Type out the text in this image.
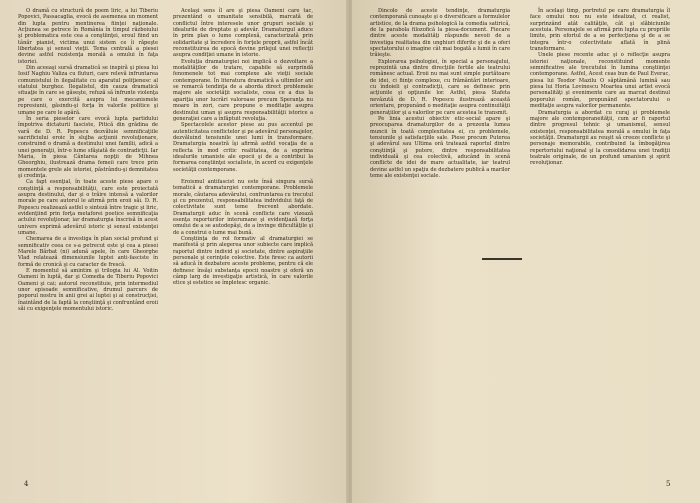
O dramă cu structură de poem liric, a lui Tiberiu Popovici, Passacaglia, evocă de asemenea un moment din lupta pentru mentinerea fiinţei naţionale. Acţiunea se petrece în România în timpul războiului şi problematica este cea a conştiinţei, eroul fiind un tânăr pianist, victima unui sistem ce îi răpeşte libertatea şi sensul vieţii. Tema centrală a piesei devine astfel rezistenţa morală a omului în faţa istoriei.

Din aceeaşi sursă dramatică se inspiră şi piesa lui Iosif Naghiu Valiza cu fluturi, care relevă infruntarea comunistului în ilegalitate cu aparatul poliţienesc al statului burghez. Ilegalistul, din cauza dramatică situaţie în care se găseşte, refuză să înfrunte violenţa pe care o exercită asupra lui mecanismele represiunii, găsindu-şi forţa în valorile politice şi umane pe care le apără.

În seria pieselor care evocă lupta partidului împotriva dictaturii fasciste, Pitică din grădina de vară de D. R. Popescu dezvăluie semnificaţiile sacrificiului eroic în slujba acţiunii revoluţionare, construind o dramă a destinului unei familii, adică a unei generaţii, într-o lume sfâşiată de contradicţii. Iar Maria, în piesa Cântarea nopţii de Mihnea Gheorghiu, ilustrează drama femeii care trece prin momentele grele ale istoriei, păstrându-şi demnitatea şi credinţa.

Ca fapt esenţial, în toate aceste piese apare o conştiinţă a responsabilităţii, care este proiectată asupra destinului, dar şi o trăire intensă a valorilor morale pe care autorul le afirmă prin eroii săi. D. R. Popescu realizează astfel o sinteză între tragic şi liric, evidenţiind prin forţa metaforei poetice semnificaţia actului revoluţionar, iar dramaturgia înscrisă în acest univers exprimă adevărul istoric şi sensul existenţei umane.

Chemarea de a investiga în plan social profund şi semnificativ ceea ce s-a petrecut este şi cea a piesei Marele Bărbat (ni) adună apele, în care Gheorghe Vlad relatează dimensiunile luptei anti-fasciste în formă de cronică şi cu caracter de frescă.

E momentul să amintim şi trilogia lui Al. Voitin Oameni în luptă, dar şi Comedia de Tiberiu Popovici Oameni şi cai; autorul reconstituie, prin intermediul unor episoade semnificative, drumul parcurs de poporul nostru în anii grei ai luptei şi ai construcţiei, înaintând de la faptă la conştiinţă şi confruntând eroii săi cu exigenţele momentului istoric.

Acelaşi sens îl are şi piesa Oameni care tac, prezentând o umanitate sensibilă, marcată de conflictul între interesele unor grupuri sociale şi idealurile de dreptate şi adevăr. Dramaturgul aduce în prim plan o lume complexă, caracterizată prin solidaritate şi încredere în forţele proprii, astfel încât reconstituirea de epocă devine prilejul unei reflecţii asupra condiţiei umane în istorie.

Evoluţia dramaturgiei noi implică o dezvoltare a modalităţilor de tratare, capabile să surprindă fenomenele tot mai complexe ale vieţii sociale contemporane. În literatura dramatică a ultimilor ani se remarcă tendinţa de a aborda direct problemele majore ale societăţii socialiste, ceea ce a dus la apariţia unor lucrări valoroase precum Speranţa nu moare în zori, care propune o meditaţie asupra destinului uman şi asupra responsabilităţii istorice a generaţiei care a înfăptuit revoluţia.

Spectacolele acestor piese au pus accentul pe autenticitatea conflictelor şi pe adevărul personajelor, dezvăluind tensiunile unei lumi în transformare. Dramaturgia noastră îşi afirmă astfel vocaţia de a reflecta în mod critic realitatea, de a exprima idealurile umaniste ale epocii şi de a contribui la formarea conştiinţei socialiste, în acord cu exigenţele societăţii contemporane.

Eroismul antifascist nu este însă singura sursă tematică a dramaturgiei contemporane. Problemele morale, căutarea adevărului, confruntarea cu trecutul şi cu prezentul, responsabilitatea individului faţă de colectivitate sunt teme frecvent abordate. Dramaturgii aduc în scenă conflicte care vizează esenţa raporturilor interumane şi evidenţiază forţa omului de a se autodepăşi, de a învinge dificultăţile şi de a construi o lume mai bună.

Conştiinţa de rol formativ al dramaturgiei se manifestă şi prin alegerea unor subiecte care implică raportul dintre individ şi societate, dintre aspiraţiile personale şi cerinţele colective. Este firesc ca autorii să aducă în dezbatere aceste probleme, pentru că ele definesc însăşi substanţa epocii noastre şi oferă un câmp larg de investigaţie artistică, în care valorile etice şi estetice se împletesc organic.

4

Dincolo de aceste tendinţe, dramaturgia contemporană cunoaşte şi o diversificare a formulelor artistice, de la drama psihologică la comedia satirică, de la parabola filozofică la piesa-document. Fiecare dintre aceste modalităţi răspunde nevoii de a investiga realitatea din unghiuri diferite şi de a oferi spectatorului o imagine cât mai bogată a lumii în care trăieşte.

Explorarea psihologiei, în special a personajului, reprezintă una dintre direcţiile fertile ale teatrului românesc actual. Eroii nu mai sunt simple purtătoare de idei, ci fiinţe complexe, cu frământări interioare, cu îndoieli şi contradicţii, care se definesc prin acţiunile şi opţiunile lor. Astfel, piesa Stafeta nevăzută de D. R. Popescu ilustrează această orientare, propunând o meditaţie asupra continuităţii generaţiilor şi a valorilor pe care acestea le transmit.

Pe linia acestui obiectiv etic-social apare şi preocuparea dramaturgilor de a prezenta lumea muncii în toată complexitatea ei, cu problemele, tensiunile şi satisfacţiile sale. Piese precum Puterea şi adevărul sau Ultima oră tratează raportul dintre conştiinţă şi putere, dintre responsabilitatea individuală şi cea colectivă, aducând în scenă conflicte de idei de mare actualitate, iar teatrul devine astfel un spaţiu de dezbatere publică a marilor teme ale existenţei sociale.

În acelaşi timp, portretul pe care dramaturgia îl face omului nou nu este idealizat, ci realist, surprinzând atât calităţile, cât şi slăbiciunile acestuia. Personajele se afirmă prin lupta cu propriile limite, prin efortul de a se perfecţiona şi de a se integra într-o colectivitate aflată în plină transformare.

Unele piese recente aduc şi o reflecţie asupra istoriei naţionale, reconstituind momente semnificative ale trecutului în lumina conştiinţei contemporane. Astfel, Acest ceas bun de Paul Everac, piesa lui Teodor Mazilu O săptămână lumină sau piesa lui Horia Lovinescu Moartea unui artist evocă personalităţi şi evenimente care au marcat destinul poporului român, propunând spectatorului o meditaţie asupra valorilor permanente.

Dramaturgia a abordat cu curaj şi problemele majore ale contemporaneităţii, cum ar fi raportul dintre progresul tehnic şi umanismul, sensul existenţei, responsabilitatea morală a omului în faţa societăţii. Dramaturgii au reuşit să creeze conflicte şi personaje memorabile, contribuind la îmbogăţirea repertoriului naţional şi la consolidarea unei tradiţii teatrale originale, de un profund umanism şi spirit revoluţionar.

5
